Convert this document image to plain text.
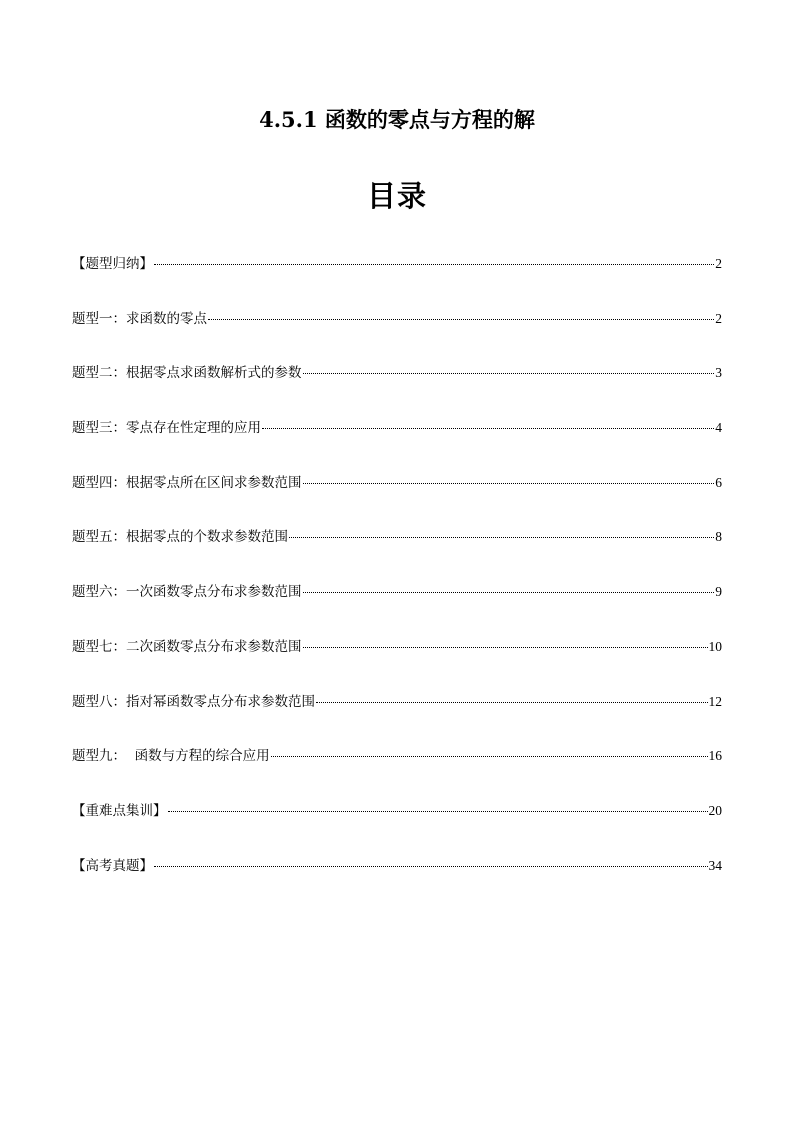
4.5.1 函数的零点与方程的解
目录
【题型归纳】	2
题型一：求函数的零点	2
题型二：根据零点求函数解析式的参数	3
题型三：零点存在性定理的应用	4
题型四：根据零点所在区间求参数范围	6
题型五：根据零点的个数求参数范围	8
题型六：一次函数零点分布求参数范围	9
题型七：二次函数零点分布求参数范围	10
题型八：指对幂函数零点分布求参数范围	12
题型九：  函数与方程的综合应用	16
【重难点集训】	20
【高考真题】	34
